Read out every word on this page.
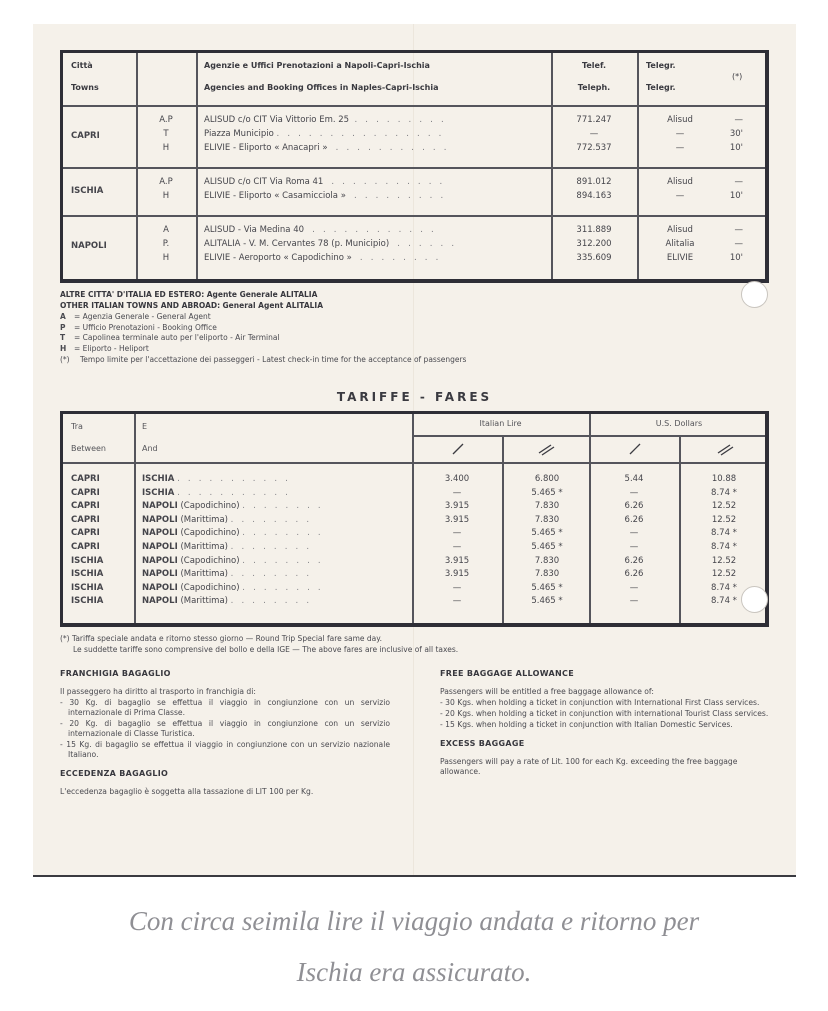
Città
Towns
Agenzie e Uffici Prenotazioni a Napoli-Capri-Ischia
Agencies and Booking Offices in Naples-Capri-Ischia
Telef.
Teleph.
Telegr.
Telegr.
(*)
CAPRI
A.P	ALISUD c/o CIT Via Vittorio Em. 25  .   .   .   .   .   .   .   .   .	771.247	Alisud	—
T	Piazza Municipio .   .   .   .   .   .   .   .   .   .   .   .   .   .   .   .	—	—	30'
H	ELIVIE - Eliporto « Anacapri »   .   .   .   .   .   .   .   .   .   .   .	772.537	—	10'
ISCHIA
A.P	ALISUD c/o CIT Via Roma 41   .   .   .   .   .   .   .   .   .   .   .	891.012	Alisud	—
H	ELIVIE - Eliporto « Casamicciola »   .   .   .   .   .   .   .   .   .	894.163	—	10'
NAPOLI
A	ALISUD - Via Medina 40   .   .   .   .   .   .   .   .   .   .   .   .	311.889	Alisud	—
P.	ALITALIA - V. M. Cervantes 78 (p. Municipio)   .   .   .   .   .   .	312.200	Alitalia	—
H	ELIVIE - Aeroporto « Capodichino »   .   .   .   .   .   .   .   .	335.609	ELIVIE	10'
ALTRE CITTA' D'ITALIA ED ESTERO: Agente Generale ALITALIA
OTHER ITALIAN TOWNS AND ABROAD: General Agent ALITALIA
A = Agenzia Generale - General Agent
P = Ufficio Prenotazioni - Booking Office
T = Capolinea terminale auto per l'eliporto - Air Terminal
H = Eliporto - Heliport
(*) Tempo limite per l'accettazione dei passeggeri - Latest check-in time for the acceptance of passengers
TARIFFE - FARES
Tra
Between
E
And
Italian Lire	U.S. Dollars
CAPRI	ISCHIA .   .   .   .   .   .   .   .   .   .   .	3.400	6.800	5.44	10.88
CAPRI	ISCHIA .   .   .   .   .   .   .   .   .   .   .	—	5.465 *	—	8.74 *
CAPRI	NAPOLI (Capodichino) .   .   .   .   .   .   .   .	3.915	7.830	6.26	12.52
CAPRI	NAPOLI (Marittima) .   .   .   .   .   .   .   .	3.915	7.830	6.26	12.52
CAPRI	NAPOLI (Capodichino) .   .   .   .   .   .   .   .	—	5.465 *	—	8.74 *
CAPRI	NAPOLI (Marittima) .   .   .   .   .   .   .   .	—	5.465 *	—	8.74 *
ISCHIA	NAPOLI (Capodichino) .   .   .   .   .   .   .   .	3.915	7.830	6.26	12.52
ISCHIA	NAPOLI (Marittima) .   .   .   .   .   .   .   .	3.915	7.830	6.26	12.52
ISCHIA	NAPOLI (Capodichino) .   .   .   .   .   .   .   .	—	5.465 *	—	8.74 *
ISCHIA	NAPOLI (Marittima) .   .   .   .   .   .   .   .	—	5.465 *	—	8.74 *
(*) Tariffa speciale andata e ritorno stesso giorno — Round Trip Special fare same day.
Le suddette tariffe sono comprensive del bollo e della IGE — The above fares are inclusive of all taxes.
FRANCHIGIA BAGAGLIO

Il passeggero ha diritto al trasporto in franchigia di:

- 30 Kg. di bagaglio se effettua il viaggio in congiunzione con un servizio internazionale di Prima Classe.

- 20 Kg. di bagaglio se effettua il viaggio in congiunzione con un servizio internazionale di Classe Turistica.

- 15 Kg. di bagaglio se effettua il viaggio in congiunzione con un servizio nazionale Italiano.

ECCEDENZA BAGAGLIO

L'eccedenza bagaglio è soggetta alla tassazione di LIT 100 per Kg.

FREE BAGGAGE ALLOWANCE

Passengers will be entitled a free baggage allowance of:

- 30 Kgs. when holding a ticket in conjunction with International First Class services.

- 20 Kgs. when holding a ticket in conjunction with international Tourist Class services.

- 15 Kgs. when holding a ticket in conjunction with Italian Domestic Services.

EXCESS BAGGAGE

Passengers will pay a rate of Lit. 100 for each Kg. exceeding the free baggage allowance.

Con circa seimila lire il viaggio andata e ritorno per
Ischia era assicurato.
